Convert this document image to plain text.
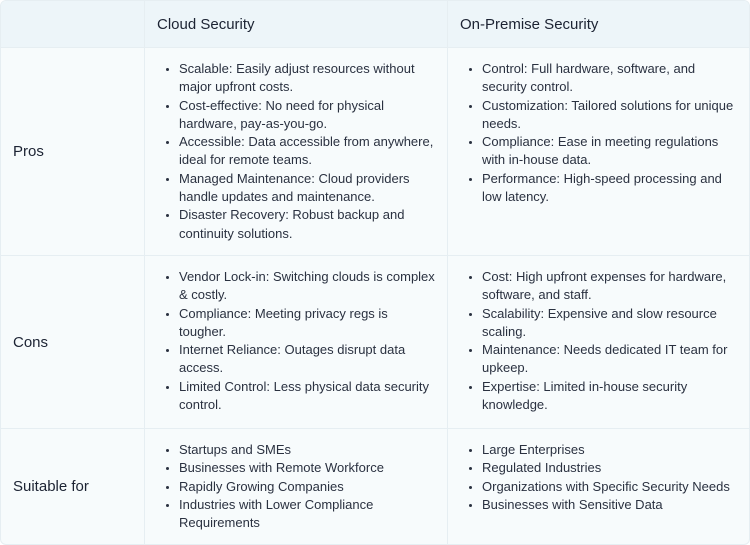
Cloud Security	On-Premise Security
Pros
• Scalable: Easily adjust resources without major upfront costs.
• Cost-effective: No need for physical hardware, pay-as-you-go.
• Accessible: Data accessible from anywhere, ideal for remote teams.
• Managed Maintenance: Cloud providers handle updates and maintenance.
• Disaster Recovery: Robust backup and continuity solutions.
• Control: Full hardware, software, and security control.
• Customization: Tailored solutions for unique needs.
• Compliance: Ease in meeting regulations with in-house data.
• Performance: High-speed processing and low latency.
Cons
• Vendor Lock-in: Switching clouds is complex & costly.
• Compliance: Meeting privacy regs is tougher.
• Internet Reliance: Outages disrupt data access.
• Limited Control: Less physical data security control.
• Cost: High upfront expenses for hardware, software, and staff.
• Scalability: Expensive and slow resource scaling.
• Maintenance: Needs dedicated IT team for upkeep.
• Expertise: Limited in-house security knowledge.
Suitable for
• Startups and SMEs
• Businesses with Remote Workforce
• Rapidly Growing Companies
• Industries with Lower Compliance Requirements
• Large Enterprises
• Regulated Industries
• Organizations with Specific Security Needs
• Businesses with Sensitive Data
